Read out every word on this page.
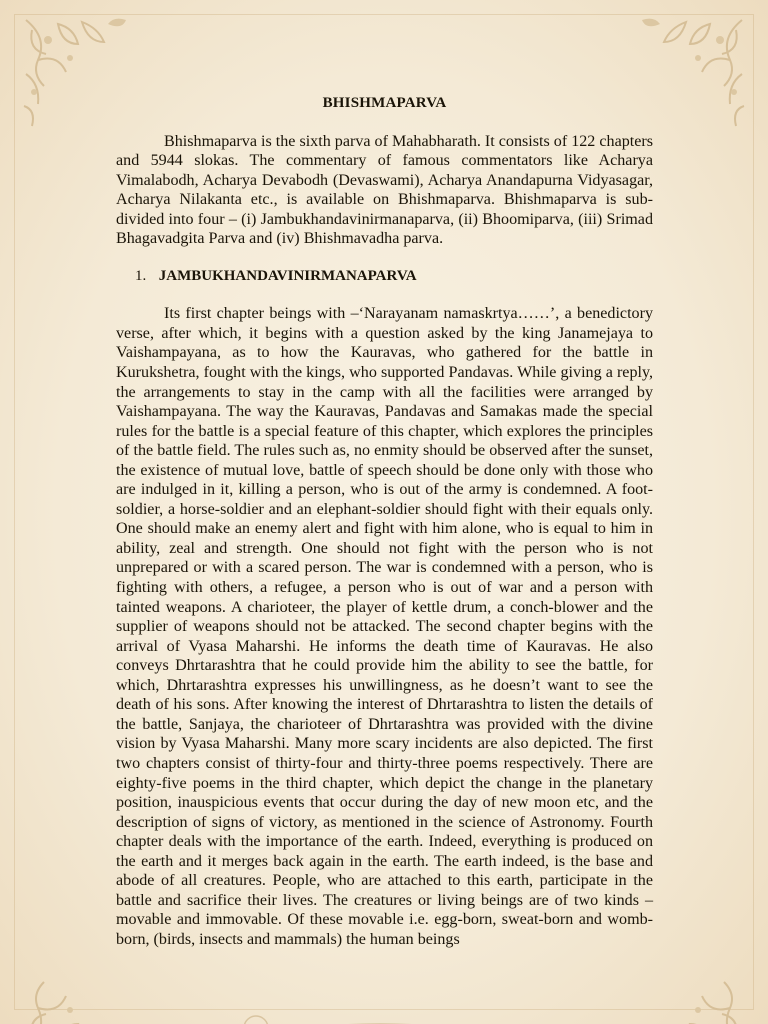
BHISHMAPARVA

Bhishmaparva is the sixth parva of Mahabharath. It consists of 122 chapters and 5944 slokas. The commentary of famous commentators like Acharya Vimalabodh, Acharya Devabodh (Devaswami), Acharya Anandapurna Vidyasagar, Acharya Nilakanta etc., is available on Bhishmaparva. Bhishmaparva is sub-divided into four – (i) Jambukhandavinirmanaparva, (ii) Bhoomiparva, (iii) Srimad Bhagavadgita Parva and (iv) Bhishmavadha parva.

1. JAMBUKHANDAVINIRMANAPARVA

Its first chapter beings with –‘Narayanam namaskrtya……’, a benedictory verse, after which, it begins with a question asked by the king Janamejaya to Vaishampayana, as to how the Kauravas, who gathered for the battle in Kurukshetra, fought with the kings, who supported Pandavas. While giving a reply, the arrangements to stay in the camp with all the facilities were arranged by Vaishampayana. The way the Kauravas, Pandavas and Samakas made the special rules for the battle is a special feature of this chapter, which explores the principles of the battle field. The rules such as, no enmity should be observed after the sunset, the existence of mutual love, battle of speech should be done only with those who are indulged in it, killing a person, who is out of the army is condemned. A foot-soldier, a horse-soldier and an elephant-soldier should fight with their equals only. One should make an enemy alert and fight with him alone, who is equal to him in ability, zeal and strength. One should not fight with the person who is not unprepared or with a scared person. The war is condemned with a person, who is fighting with others, a refugee, a person who is out of war and a person with tainted weapons. A charioteer, the player of kettle drum, a conch-blower and the supplier of weapons should not be attacked. The second chapter begins with the arrival of Vyasa Maharshi. He informs the death time of Kauravas. He also conveys Dhrtarashtra that he could provide him the ability to see the battle, for which, Dhrtarashtra expresses his unwillingness, as he doesn’t want to see the death of his sons. After knowing the interest of Dhrtarashtra to listen the details of the battle, Sanjaya, the charioteer of Dhrtarashtra was provided with the divine vision by Vyasa Maharshi. Many more scary incidents are also depicted. The first two chapters consist of thirty-four and thirty-three poems respectively. There are eighty-five poems in the third chapter, which depict the change in the planetary position, inauspicious events that occur during the day of new moon etc, and the description of signs of victory, as mentioned in the science of Astronomy. Fourth chapter deals with the importance of the earth. Indeed, everything is produced on the earth and it merges back again in the earth. The earth indeed, is the base and abode of all creatures. People, who are attached to this earth, participate in the battle and sacrifice their lives. The creatures or living beings are of two kinds – movable and immovable. Of these movable i.e. egg-born, sweat-born and womb-born, (birds, insects and mammals) the human beings
